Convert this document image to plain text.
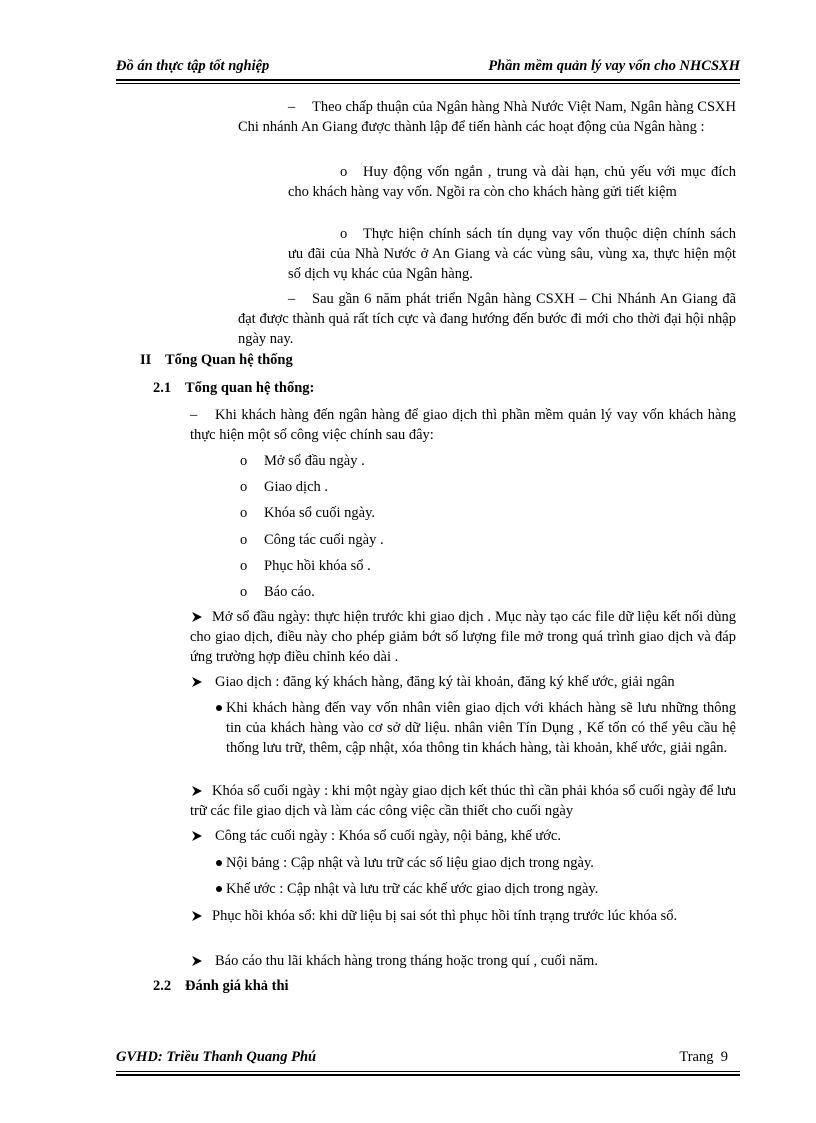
Đồ án thực tập tốt nghiệp	Phần mềm quản lý vay vốn cho NHCSXH
–	Theo chấp thuận của Ngân hàng Nhà Nước Việt Nam, Ngân hàng CSXH Chi nhánh An Giang được thành lập để tiến hành các hoạt động của Ngân hàng :
o	Huy động vốn ngắn , trung và dài hạn, chủ yếu với mục đích cho khách hàng vay vốn. Ngồi ra còn cho khách hàng gửi tiết kiệm
o	Thực hiện chính sách tín dụng vay vốn thuộc diện chính sách ưu đãi của Nhà Nước ở An Giang và các vùng sâu, vùng xa, thực hiện một số dịch vụ khác của Ngân hàng.
–	Sau gần 6 năm phát triển Ngân hàng CSXH – Chi Nhánh An Giang đã đạt được thành quả rất tích cực và đang hướng đến bước đi mới cho thời đại hội nhập ngày nay.
II Tổng Quan hệ thống
2.1 Tổng quan hệ thống:
–	Khi khách hàng đến ngân hàng để giao dịch thì phần mềm quản lý vay vốn khách hàng thực hiện một số công việc chính sau đây:
o Mở sổ đầu ngày .
o Giao dịch .
o Khóa sổ cuối ngày.
o Công tác cuối ngày .
o Phục hồi khóa sổ .
o Báo cáo.
Mở sổ đầu ngày: thực hiện trước khi giao dịch . Mục này tạo các file dữ liệu kết nối dùng cho giao dịch, điều này cho phép giảm bớt số lượng file mở trong quá trình giao dịch và đáp ứng trường hợp điều chỉnh kéo dài .
Giao dịch : đăng ký khách hàng, đăng ký tài khoản, đăng ký khế ước, giải ngân
Khi khách hàng đến vay vốn nhân viên giao dịch với khách hàng sẽ lưu những thông tin của khách hàng vào cơ sở dữ liệu. nhân viên Tín Dụng , Kế tốn có thể yêu cầu hệ thống lưu trữ, thêm, cập nhật, xóa thông tin khách hàng, tài khoản, khế ước, giải ngân.
Khóa sổ cuối ngày : khi một ngày giao dịch kết thúc thì cần phải khóa sổ cuối ngày để lưu trữ các file giao dịch và làm các công việc cần thiết cho cuối ngày
Công tác cuối ngày : Khóa sổ cuối ngày, nội bảng, khế ước.
Nội bảng : Cập nhật và lưu trữ các số liệu giao dịch trong ngày.
Khế ước : Cập nhật và lưu trữ các khế ước giao dịch trong ngày.
Phục hồi khóa sổ: khi dữ liệu bị sai sót thì phục hồi tính trạng trước lúc khóa sổ.
Báo cáo thu lãi khách hàng trong tháng hoặc trong quí , cuối năm.
2.2 Đánh giá khả thi
GVHD: Triều Thanh Quang Phú	Trang 9
